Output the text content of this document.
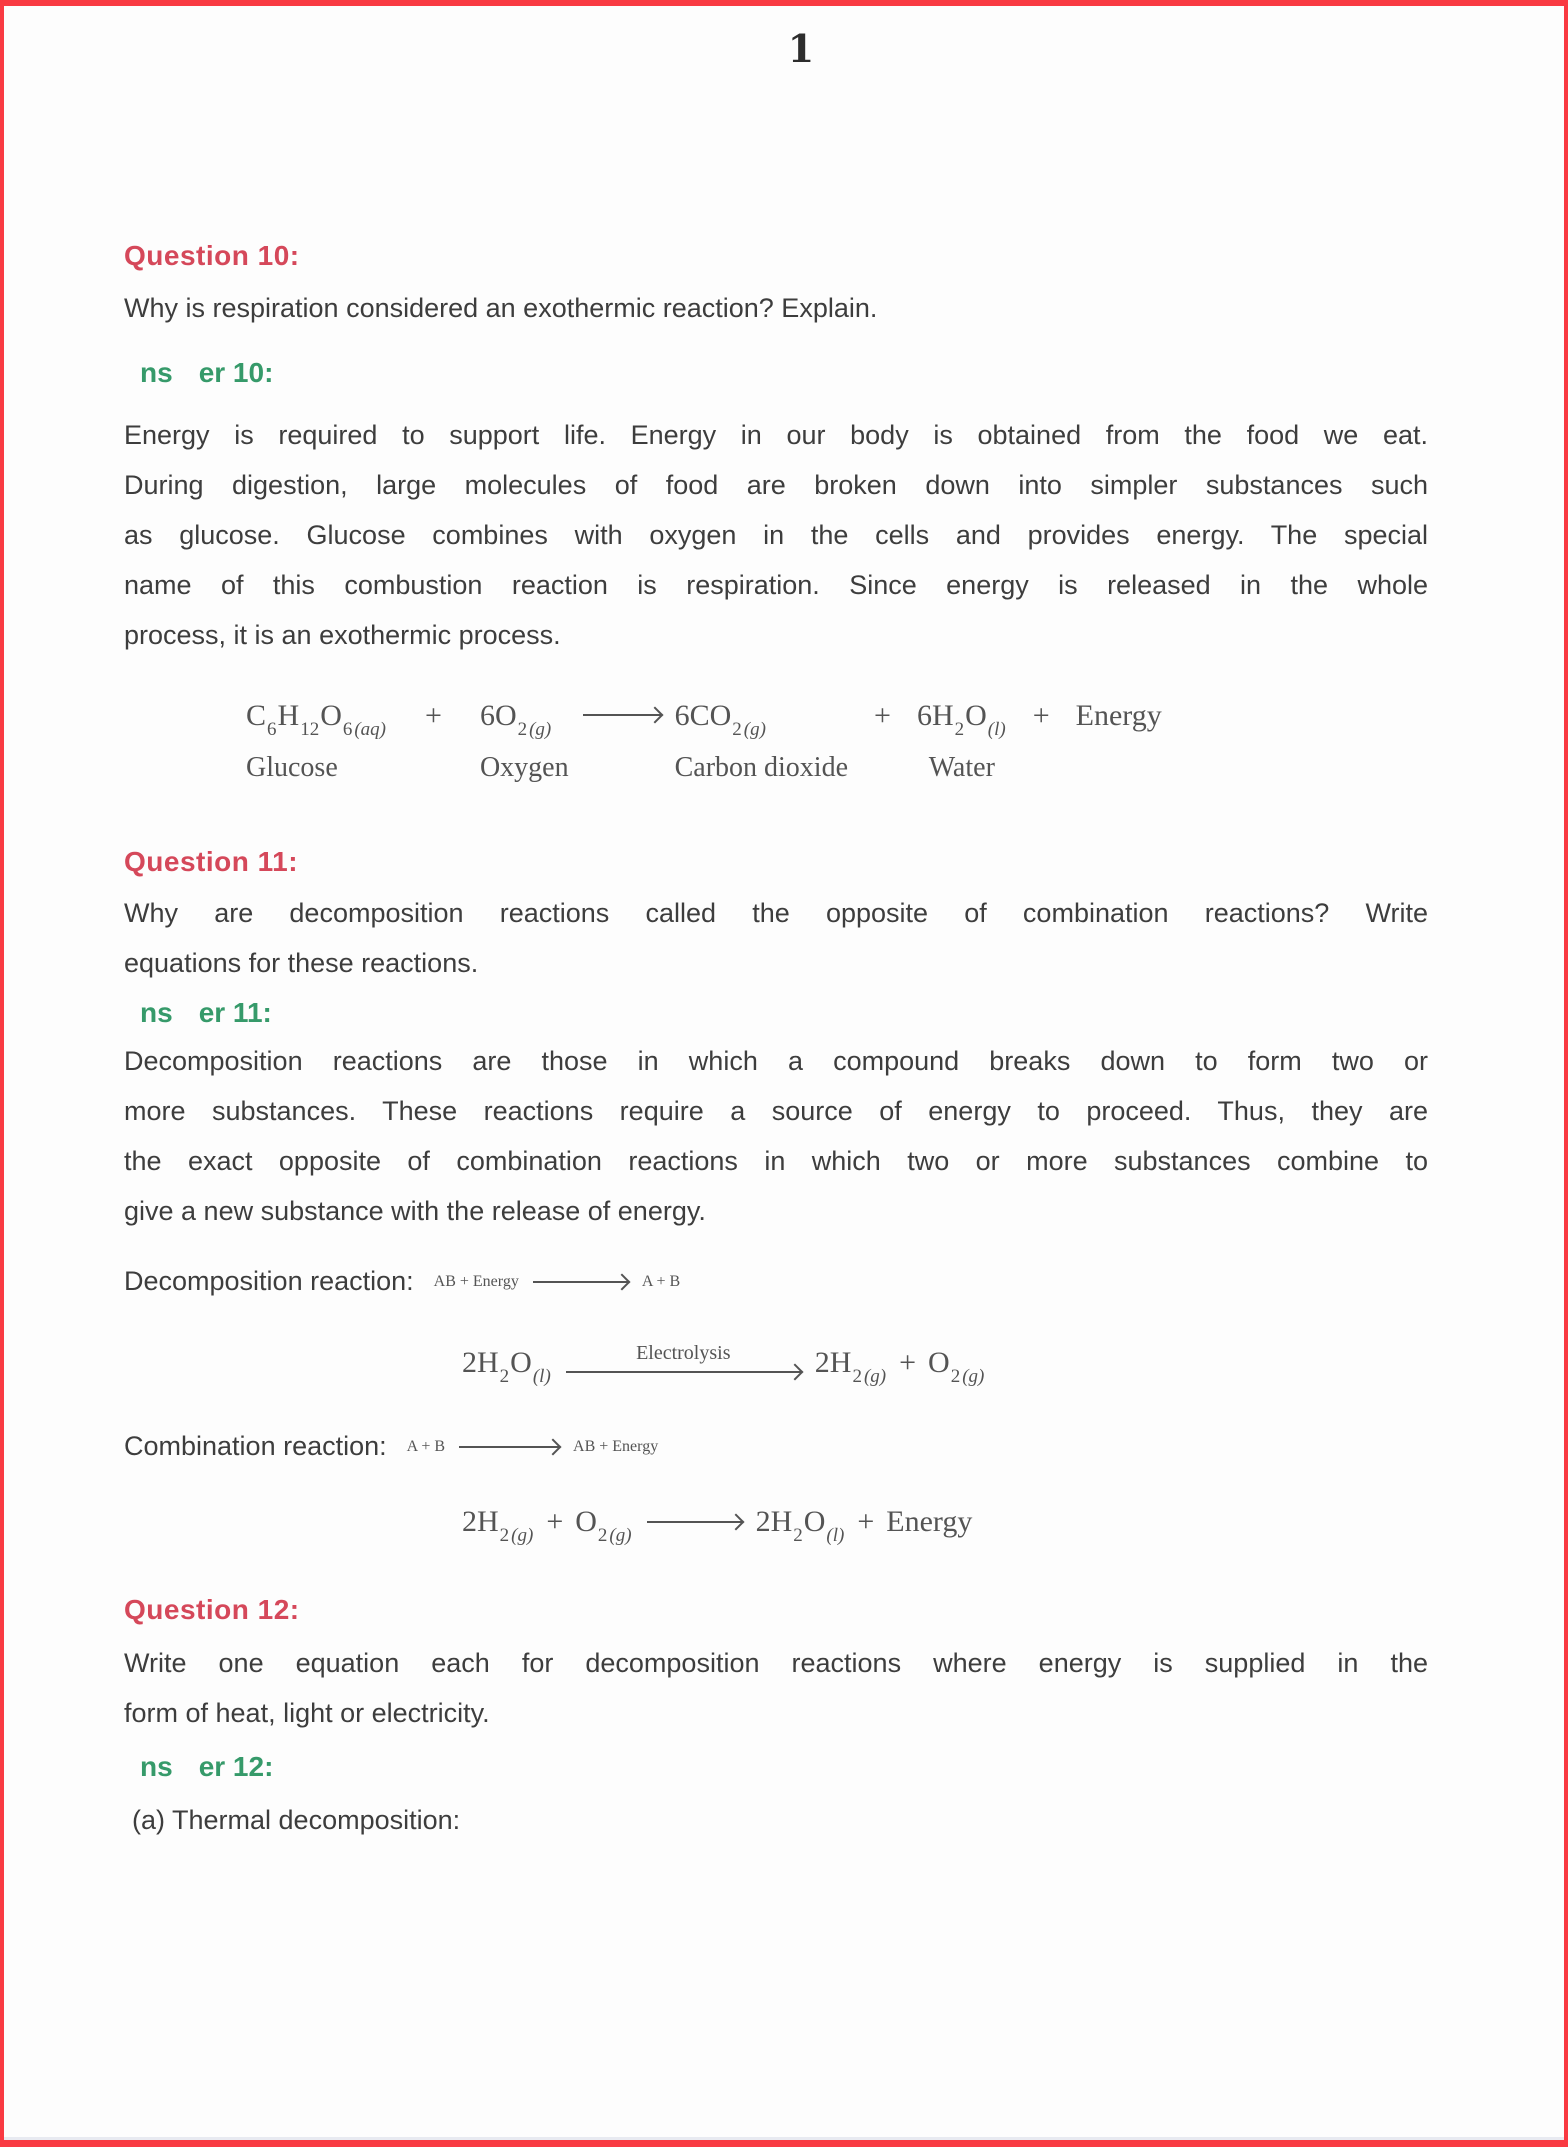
1
Question 10:
Why is respiration considered an exothermic reaction? Explain.
ns er 10:
Energy is required to support life. Energy in our body is obtained from the food we eat.
During digestion, large molecules of food are broken down into simpler substances such
as glucose. Glucose combines with oxygen in the cells and provides energy. The special
name of this combustion reaction is respiration. Since energy is released in the whole
process, it is an exothermic process.
$C_6H_{12}O_6$ $_{(aq)}$
Glucose
+ $6O_2$ $_{(g)}$
Oxygen
$6CO_2$ $_{(g)}$
Carbon dioxide
+ $6H_2O_{(l)}$
Water
+ Energy
Question 11:
Why are decomposition reactions called the opposite of combination reactions? Write
equations for these reactions.
ns er 11:
Decomposition reactions are those in which a compound breaks down to form two or
more substances. These reactions require a source of energy to proceed. Thus, they are
the exact opposite of combination reactions in which two or more substances combine to
give a new substance with the release of energy.
Decomposition reaction: AB + Energy	A + B
$2H_2O_{(l)}$
Electrolysis	$2H_2$ $_{(g)} + O_2$ $_{(g)}$
Combination reaction: A + B	AB + Energy
$2H_2$ $_{(g)} + O_2$ $_{(g)}$	$2H_2O_{(l)}$ + Energy
Question 12:
Write one equation each for decomposition reactions where energy is supplied in the
form of heat, light or electricity.
ns er 12:
(a) Thermal decomposition:
